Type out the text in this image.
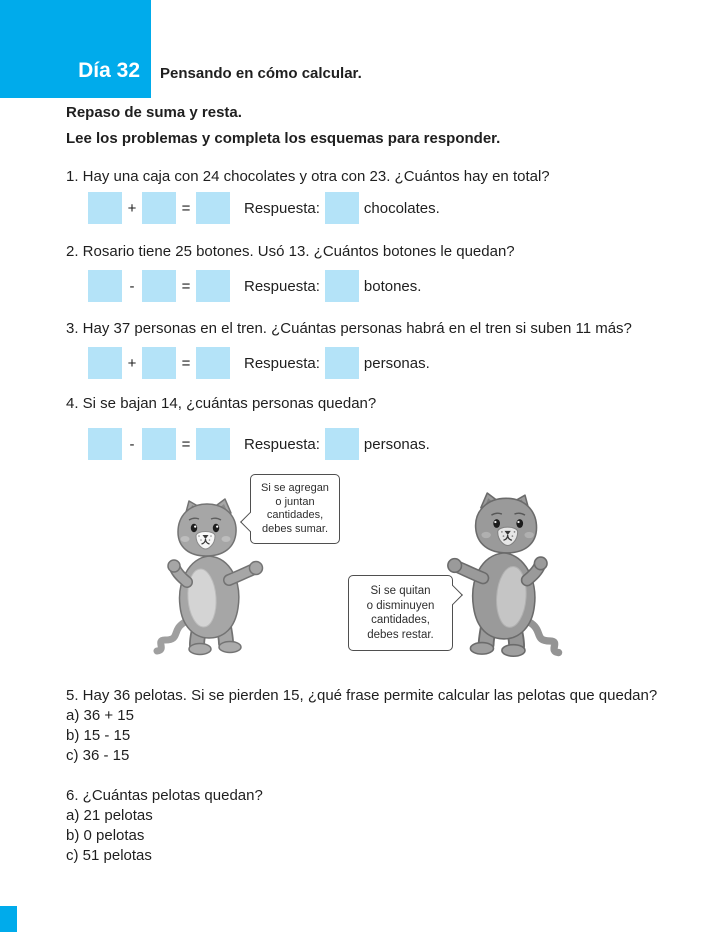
Día 32 Pensando en cómo calcular.
Repaso de suma y resta.
Lee los problemas y completa los esquemas para responder.
1. Hay una caja con 24 chocolates y otra con 23. ¿Cuántos hay en total?
+	=	Respuesta:	chocolates.
2. Rosario tiene 25 botones. Usó 13. ¿Cuántos botones le quedan?
-	=	Respuesta:	botones.
3. Hay 37 personas en el tren. ¿Cuántas personas habrá en el tren si suben 11 más?
+	=	Respuesta:	personas.
4. Si se bajan 14, ¿cuántas personas quedan?
-	=	Respuesta:	personas.
Si se agregan
o juntan
cantidades,
debes sumar.
Si se quitan
o disminuyen
cantidades,
debes restar.
5. Hay 36 pelotas. Si se pierden 15, ¿qué frase permite calcular las pelotas que quedan?
a) 36 + 15
b) 15 - 15
c) 36 - 15
6. ¿Cuántas pelotas quedan?
a) 21 pelotas
b) 0 pelotas
c) 51 pelotas
